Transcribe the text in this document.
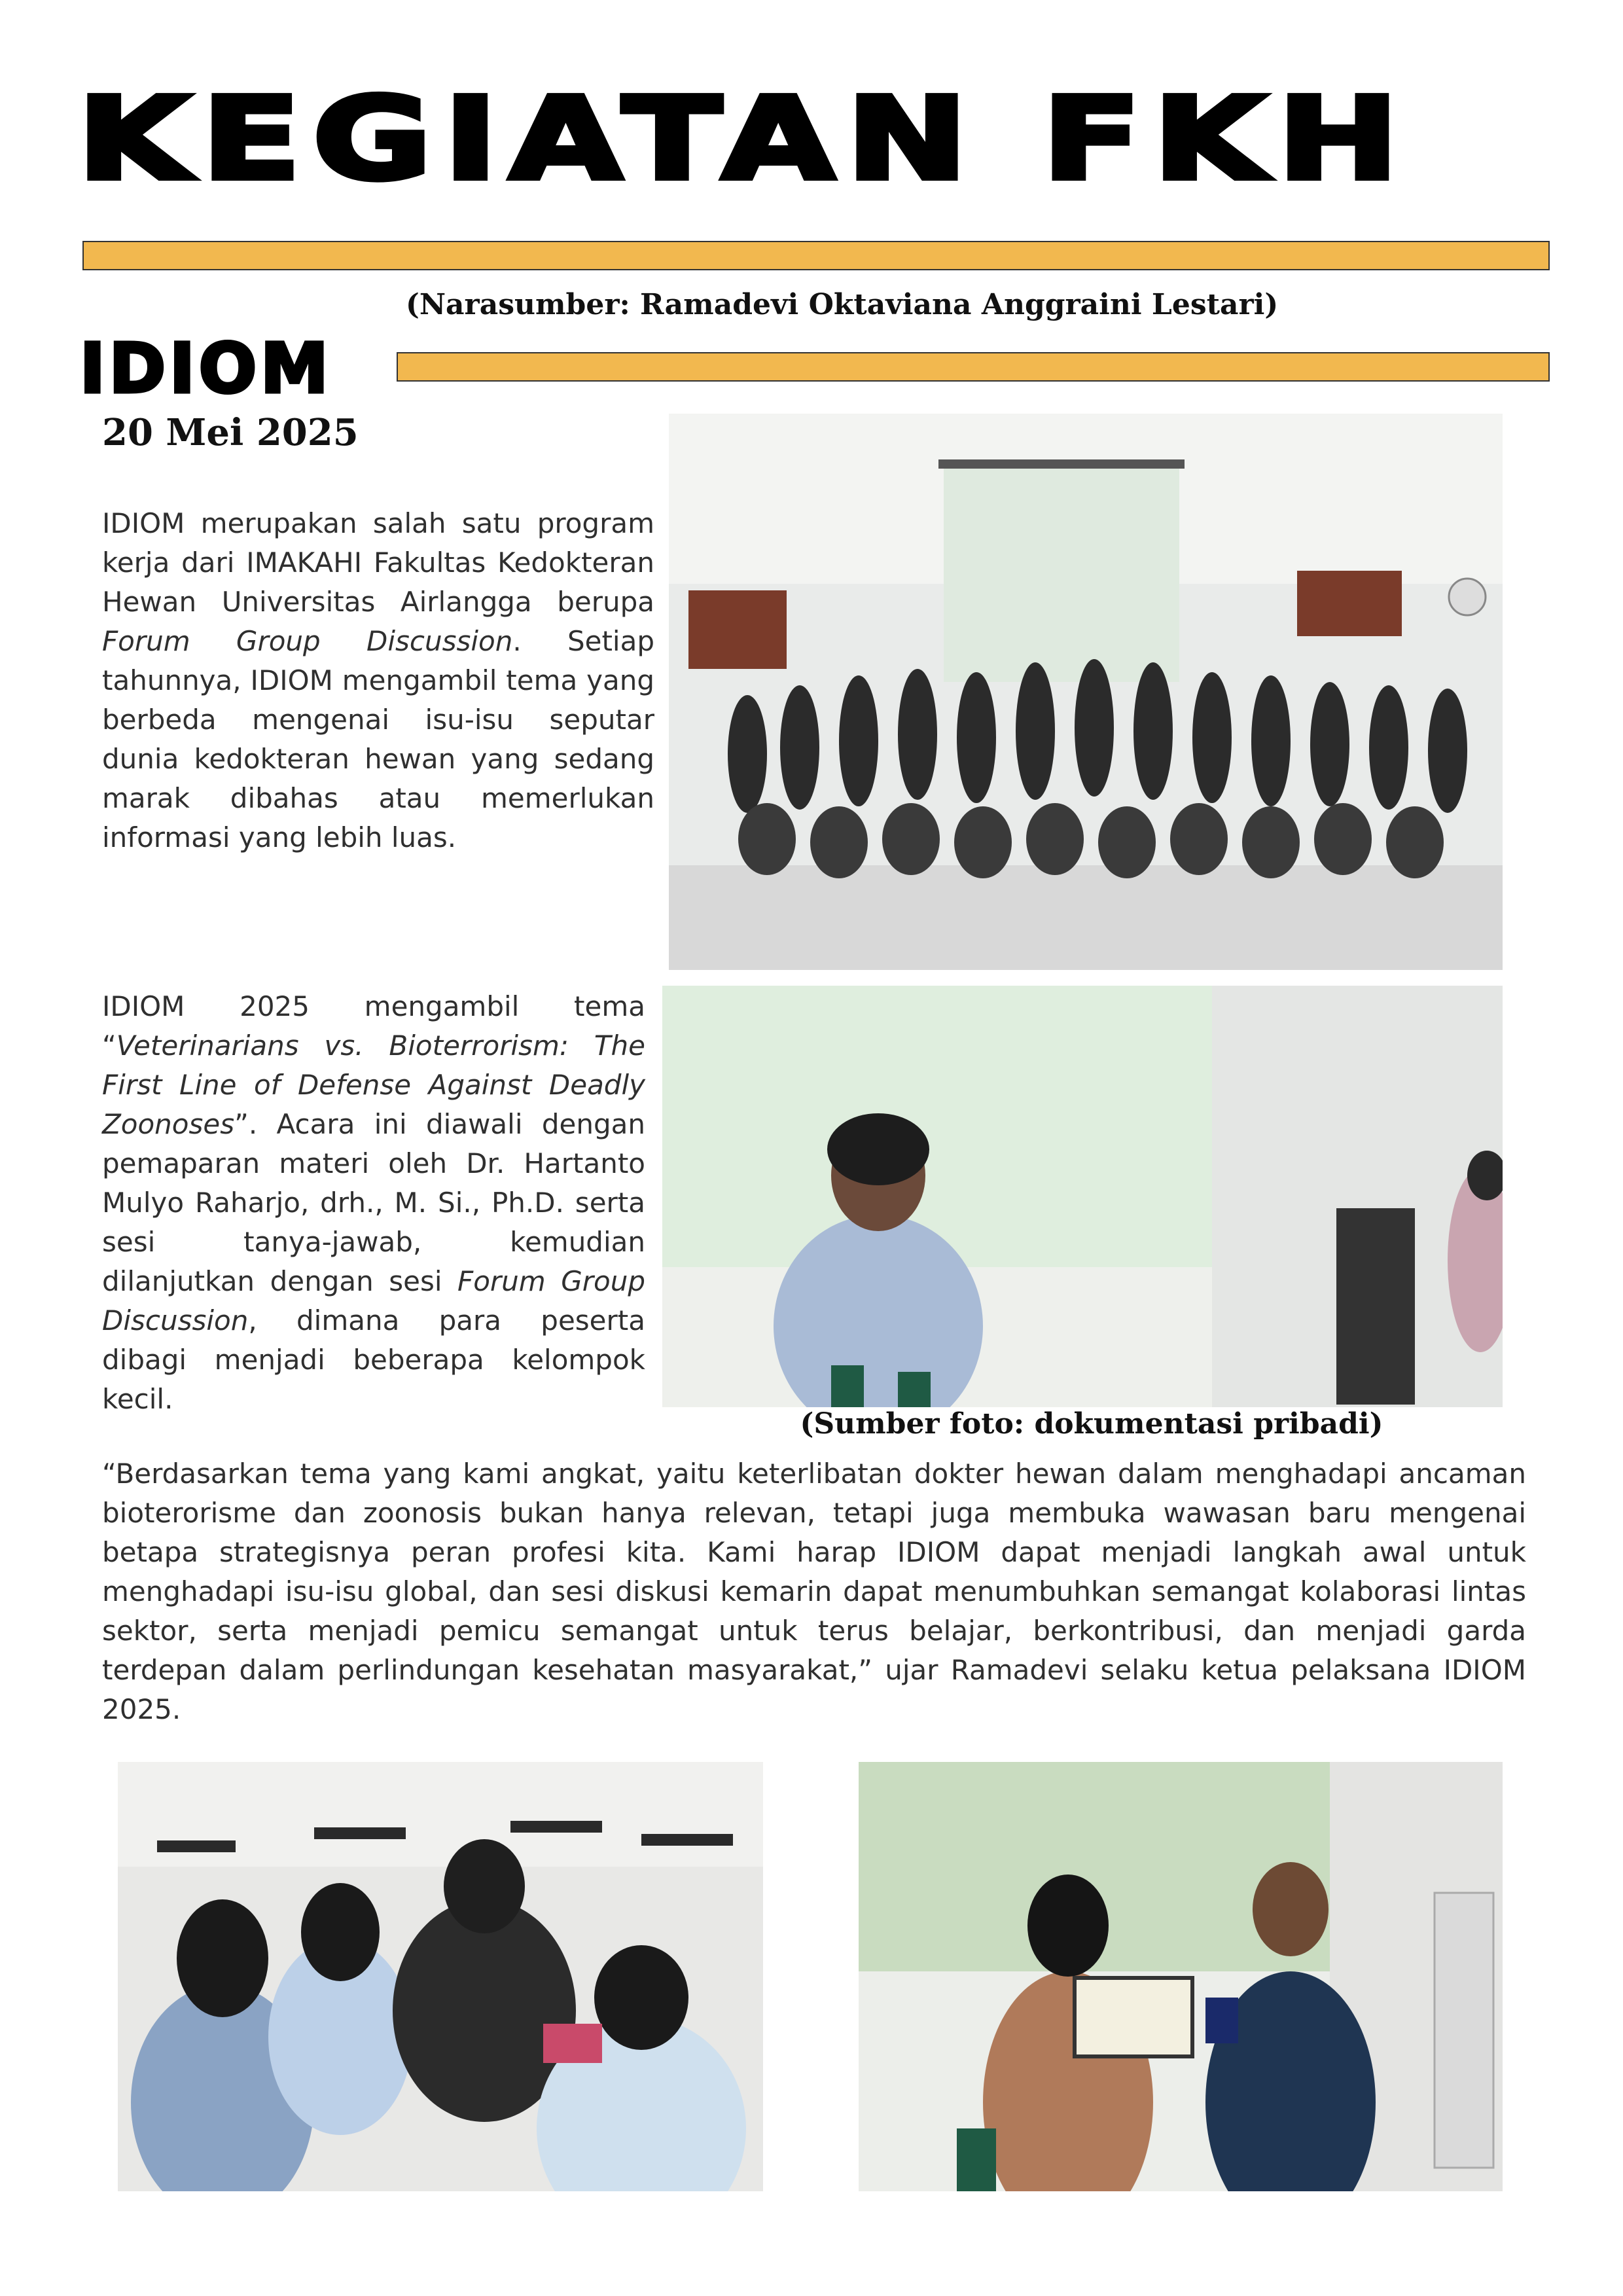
KEGIATAN FKH
(Narasumber: Ramadevi Oktaviana Anggraini Lestari)
IDIOM
20 Mei 2025

IDIOM merupakan salah satu program kerja dari IMAKAHI Fakultas Kedokteran Hewan Universitas Airlangga berupa Forum Group Discussion. Setiap tahunnya, IDIOM mengambil tema yang berbeda mengenai isu-isu seputar dunia kedokteran hewan yang sedang marak dibahas atau memerlukan informasi yang lebih luas.

IDIOM 2025 mengambil tema “Veterinarians vs. Bioterrorism: The First Line of Defense Against Deadly Zoonoses”. Acara ini diawali dengan pemaparan materi oleh Dr. Hartanto Mulyo Raharjo, drh., M. Si., Ph.D. serta sesi tanya-jawab, kemudian dilanjutkan dengan sesi Forum Group Discussion, dimana para peserta dibagi menjadi beberapa kelompok kecil.

(Sumber foto: dokumentasi pribadi)

“Berdasarkan tema yang kami angkat, yaitu keterlibatan dokter hewan dalam menghadapi ancaman bioterorisme dan zoonosis bukan hanya relevan, tetapi juga membuka wawasan baru mengenai betapa strategisnya peran profesi kita. Kami harap IDIOM dapat menjadi langkah awal untuk menghadapi isu-isu global, dan sesi diskusi kemarin dapat menumbuhkan semangat kolaborasi lintas sektor, serta menjadi pemicu semangat untuk terus belajar, berkontribusi, dan menjadi garda terdepan dalam perlindungan kesehatan masyarakat,” ujar Ramadevi selaku ketua pelaksana IDIOM 2025.
